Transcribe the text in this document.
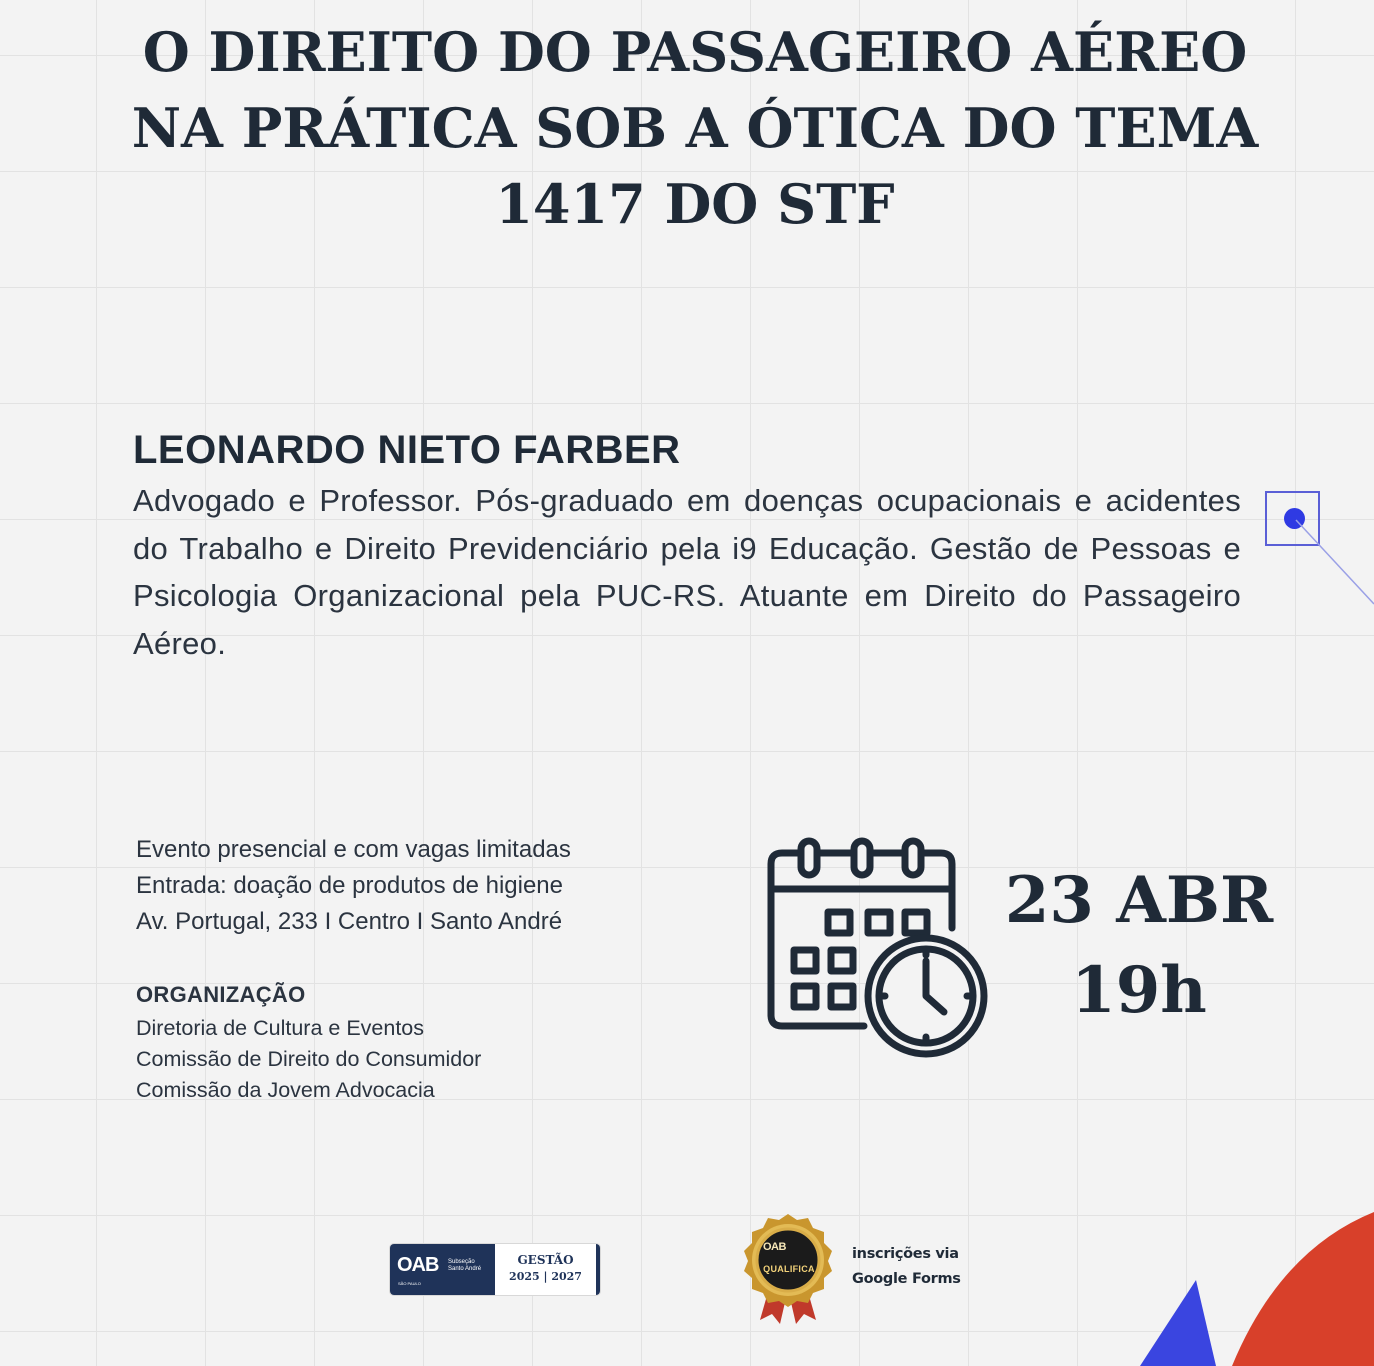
O DIREITO DO PASSAGEIRO AÉREO
NA PRÁTICA SOB A ÓTICA DO TEMA
1417 DO STF
LEONARDO NIETO FARBER
Advogado e Professor. Pós-graduado em doenças ocupacionais e acidentes do Trabalho e Direito Previdenciário pela i9 Educação. Gestão de Pessoas e Psicologia Organizacional pela PUC-RS. Atuante em Direito do Passageiro Aéreo.
Evento presencial e com vagas limitadas
Entrada: doação de produtos de higiene
Av. Portugal, 233 I Centro I Santo André
ORGANIZAÇÃO
Diretoria de Cultura e Eventos
Comissão de Direito do Consumidor
Comissão da Jovem Advocacia
23 ABR
19h
OAB Subseção Santo André
SÃO PAULO
GESTÃO
2025 | 2027
OAB
QUALIFICA
inscrições via
Google Forms
